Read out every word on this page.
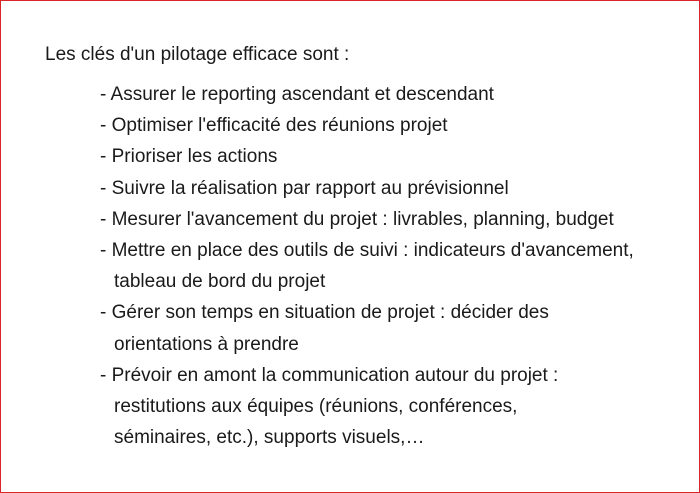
Les clés d'un pilotage efficace sont :
- Assurer le reporting ascendant et descendant
- Optimiser l'efficacité des réunions projet
- Prioriser les actions
- Suivre la réalisation par rapport au prévisionnel
- Mesurer l'avancement du projet : livrables, planning, budget
- Mettre en place des outils de suivi : indicateurs d'avancement,
tableau de bord du projet
- Gérer son temps en situation de projet : décider des
orientations à prendre
- Prévoir en amont la communication autour du projet :
restitutions aux équipes (réunions, conférences,
séminaires, etc.), supports visuels,…
